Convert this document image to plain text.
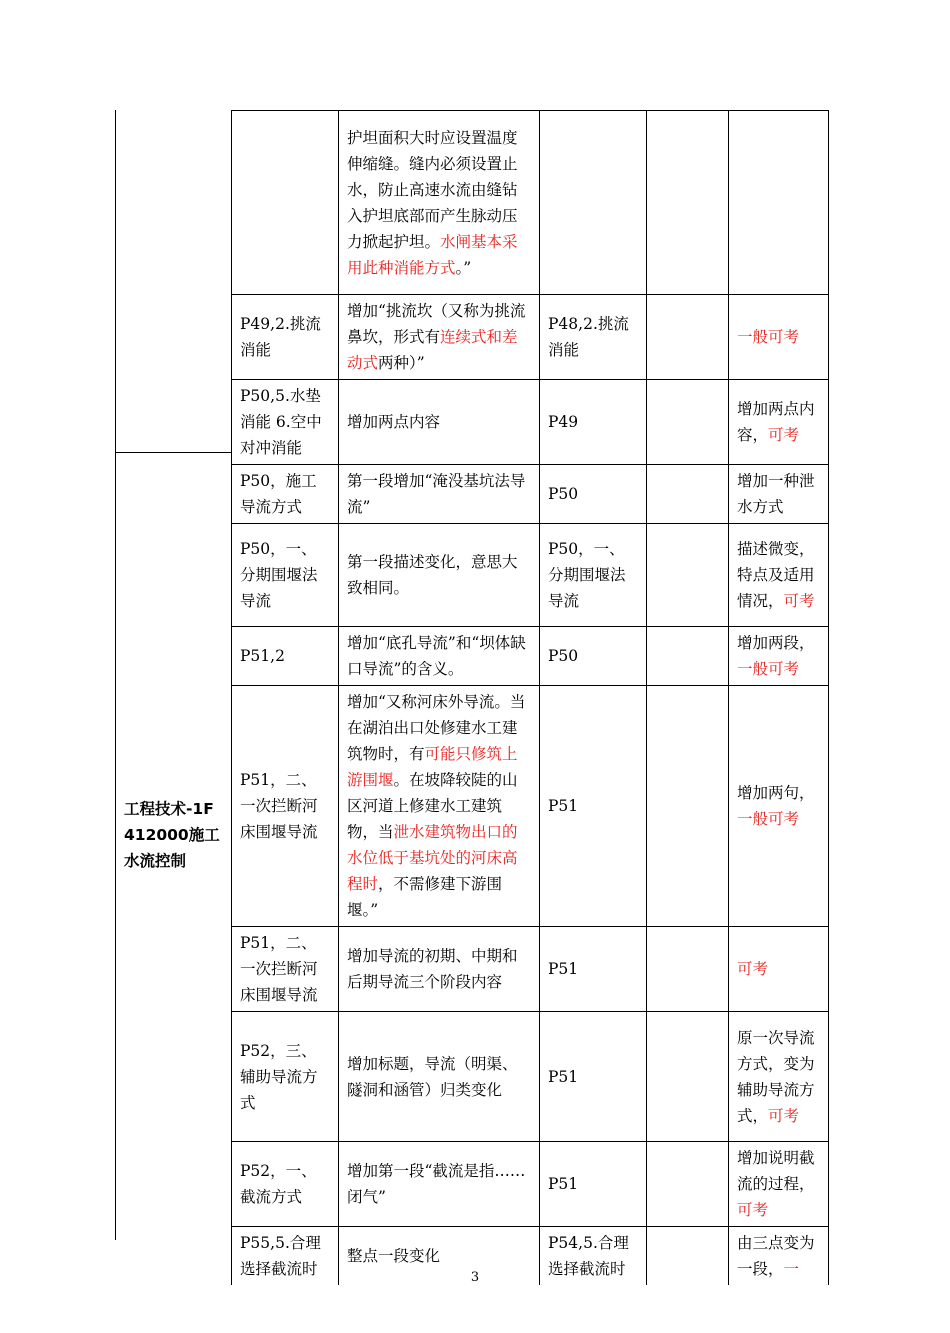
工程技术-1F412000施工水流控制
	护坦面积大时应设置温度伸缩缝。缝内必须设置止水，防止高速水流由缝钻入护坦底部而产生脉动压力掀起护坦。水闸基本采用此种消能方式。”			
P49,2.挑流消能	增加“挑流坎（又称为挑流鼻坎，形式有连续式和差动式两种）”	P48,2.挑流消能		一般可考
P50,5.水垫消能 6.空中对冲消能	增加两点内容	P49		增加两点内容，可考
P50，施工导流方式	第一段增加“淹没基坑法导流”	P50		增加一种泄水方式
P50，一、分期围堰法导流	第一段描述变化，意思大致相同。	P50，一、分期围堰法导流		描述微变，特点及适用情况，可考
P51,2	增加“底孔导流”和“坝体缺口导流”的含义。	P50		增加两段，一般可考
P51，二、一次拦断河床围堰导流	增加“又称河床外导流。当在湖泊出口处修建水工建筑物时，有可能只修筑上游围堰。在坡降较陡的山区河道上修建水工建筑物，当泄水建筑物出口的水位低于基坑处的河床高程时，不需修建下游围堰。”	P51		增加两句，一般可考
P51，二、一次拦断河床围堰导流	增加导流的初期、中期和后期导流三个阶段内容	P51		可考
P52，三、辅助导流方式	增加标题，导流（明渠、隧洞和涵管）归类变化	P51		原一次导流方式，变为辅助导流方式，可考
P52，一、截流方式	增加第一段“截流是指……闭气”	P51		增加说明截流的过程，可考
P55,5.合理选择截流时	整点一段变化	P54,5.合理选择截流时		由三点变为一段，一
3
